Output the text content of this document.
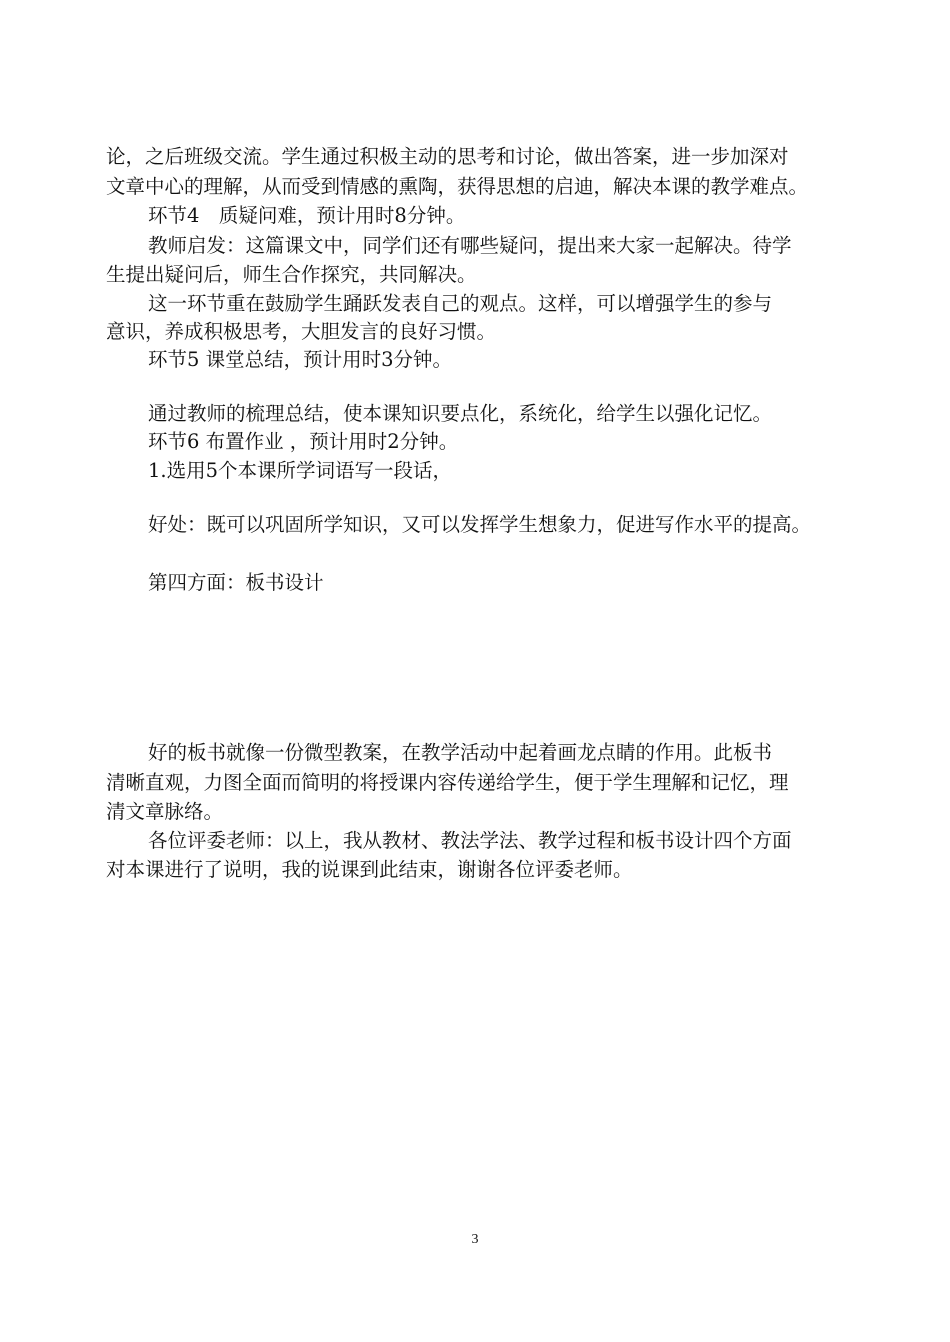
论，之后班级交流。学生通过积极主动的思考和讨论，做出答案，进一步加深对
文章中心的理解，从而受到情感的熏陶，获得思想的启迪，解决本课的教学难点。
环节4　质疑问难，预计用时8分钟。
教师启发：这篇课文中，同学们还有哪些疑问，提出来大家一起解决。待学
生提出疑问后，师生合作探究，共同解决。
这一环节重在鼓励学生踊跃发表自己的观点。这样，可以增强学生的参与
意识，养成积极思考，大胆发言的良好习惯。
环节5 课堂总结，预计用时3分钟。
通过教师的梳理总结，使本课知识要点化，系统化，给学生以强化记忆。
环节6 布置作业 ，预计用时2分钟。
1.选用5个本课所学词语写一段话，
好处：既可以巩固所学知识，又可以发挥学生想象力，促进写作水平的提高。
第四方面：板书设计
好的板书就像一份微型教案，在教学活动中起着画龙点睛的作用。此板书
清晰直观，力图全面而简明的将授课内容传递给学生，便于学生理解和记忆，理
清文章脉络。
各位评委老师：以上，我从教材、教法学法、教学过程和板书设计四个方面
对本课进行了说明，我的说课到此结束，谢谢各位评委老师。
3
